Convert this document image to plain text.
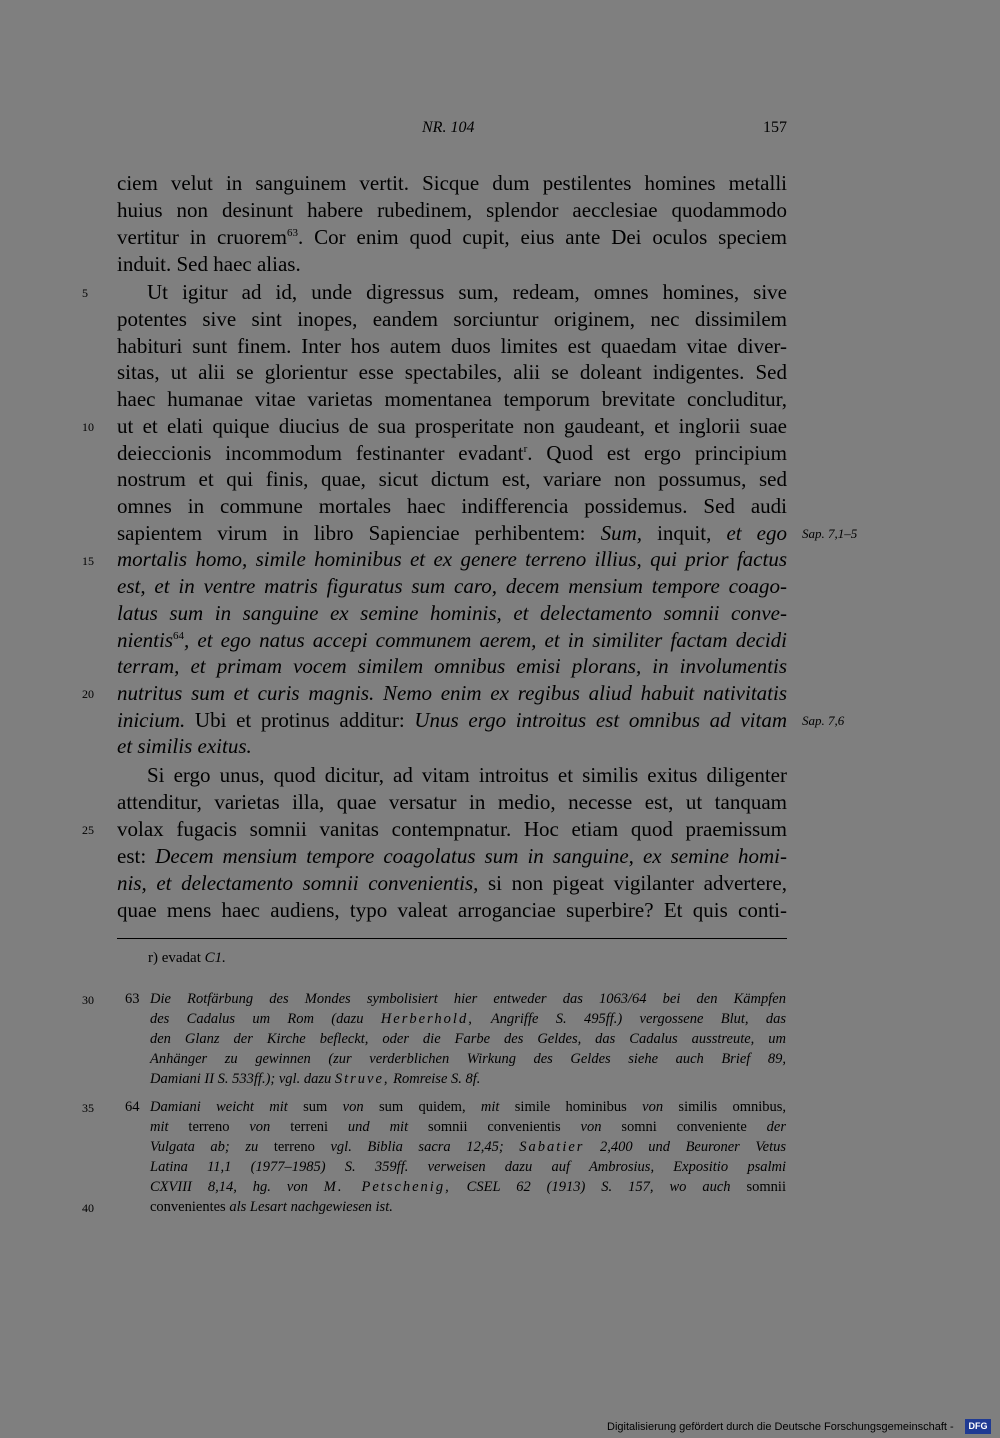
NR. 104	157
ciem velut in sanguinem vertit. Sicque dum pestilentes homines metalli
huius non desinunt habere rubedinem, splendor aecclesiae quodammodo
vertitur in cruorem$^{63}$. Cor enim quod cupit, eius ante Dei oculos speciem
induit. Sed haec alias.
5	Ut igitur ad id, unde digressus sum, redeam, omnes homines, sive
potentes sive sint inopes, eandem sorciuntur originem, nec dissimilem
habituri sunt finem. Inter hos autem duos limites est quaedam vitae diver-
sitas, ut alii se glorientur esse spectabiles, alii se doleant indigentes. Sed
haec humanae vitae varietas momentanea temporum brevitate concluditur,
10	ut et elati quique diucius de sua prosperitate non gaudeant, et inglorii suae
deieccionis incommodum festinanter evadant$^r$. Quod est ergo principium
nostrum et qui finis, quae, sicut dictum est, variare non possumus, sed
omnes in commune mortales haec indifferencia possidemus. Sed audi
sapientem virum in libro Sapienciae perhibentem: Sum, inquit, et ego Sap. 7,1–5
15	mortalis homo, simile hominibus et ex genere terreno illius, qui prior factus
est, et in ventre matris figuratus sum caro, decem mensium tempore coago-
latus sum in sanguine ex semine hominis, et delectamento somnii conve-
nientis$^{64}$, et ego natus accepi communem aerem, et in similiter factam decidi
terram, et primam vocem similem omnibus emisi plorans, in involumentis
20	nutritus sum et curis magnis. Nemo enim ex regibus aliud habuit nativitatis
inicium. Ubi et protinus additur: Unus ergo introitus est omnibus ad vitam Sap. 7,6
et similis exitus.
Si ergo unus, quod dicitur, ad vitam introitus et similis exitus diligenter
attenditur, varietas illa, quae versatur in medio, necesse est, ut tanquam
25	volax fugacis somnii vanitas contempnatur. Hoc etiam quod praemissum
est: Decem mensium tempore coagolatus sum in sanguine, ex semine homi-
nis, et delectamento somnii convenientis, si non pigeat vigilanter advertere,
quae mens haec audiens, typo valeat arroganciae superbire? Et quis conti-
r) evadat C1.
30 63 Die Rotfärbung des Mondes symbolisiert hier entweder das 1063/64 bei den Kämpfen
des Cadalus um Rom (dazu Herberhold, Angriffe S. 495ff.) vergossene Blut, das
den Glanz der Kirche befleckt, oder die Farbe des Geldes, das Cadalus ausstreute, um
Anhänger zu gewinnen (zur verderblichen Wirkung des Geldes siehe auch Brief 89,
Damiani II S. 533ff.); vgl. dazu Struve, Romreise S. 8f.
35 64 Damiani weicht mit sum von sum quidem, mit simile hominibus von similis omnibus,
mit terreno von terreni und mit somnii convenientis von somni conveniente der
Vulgata ab; zu terreno vgl. Biblia sacra 12,45; Sabatier 2,400 und Beuroner Vetus
Latina 11,1 (1977–1985) S. 359ff. verweisen dazu auf Ambrosius, Expositio psalmi
CXVIII 8,14, hg. von M. Petschenig, CSEL 62 (1913) S. 157, wo auch somnii
40	convenientes als Lesart nachgewiesen ist.
Digitalisierung gefördert durch die Deutsche Forschungsgemeinschaft -	DFG
